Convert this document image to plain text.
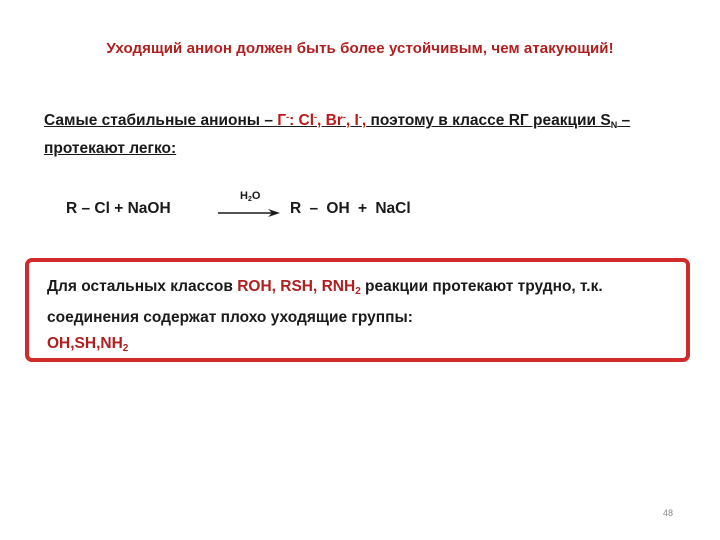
Уходящий анион должен быть более устойчивым, чем атакующий!
Самые стабильные анионы – Г-: Cl-, Br-, I-, поэтому в классе RГ реакции $S_N$ – протекают легко:
R – Cl + NaOH
$H_2O$
R – OH + NaCl
Для остальных классов ROH, RSH, $RNH_2$ реакции протекают трудно, т.к. соединения содержат плохо уходящие группы:
$OH,SH,NH_2$
48
